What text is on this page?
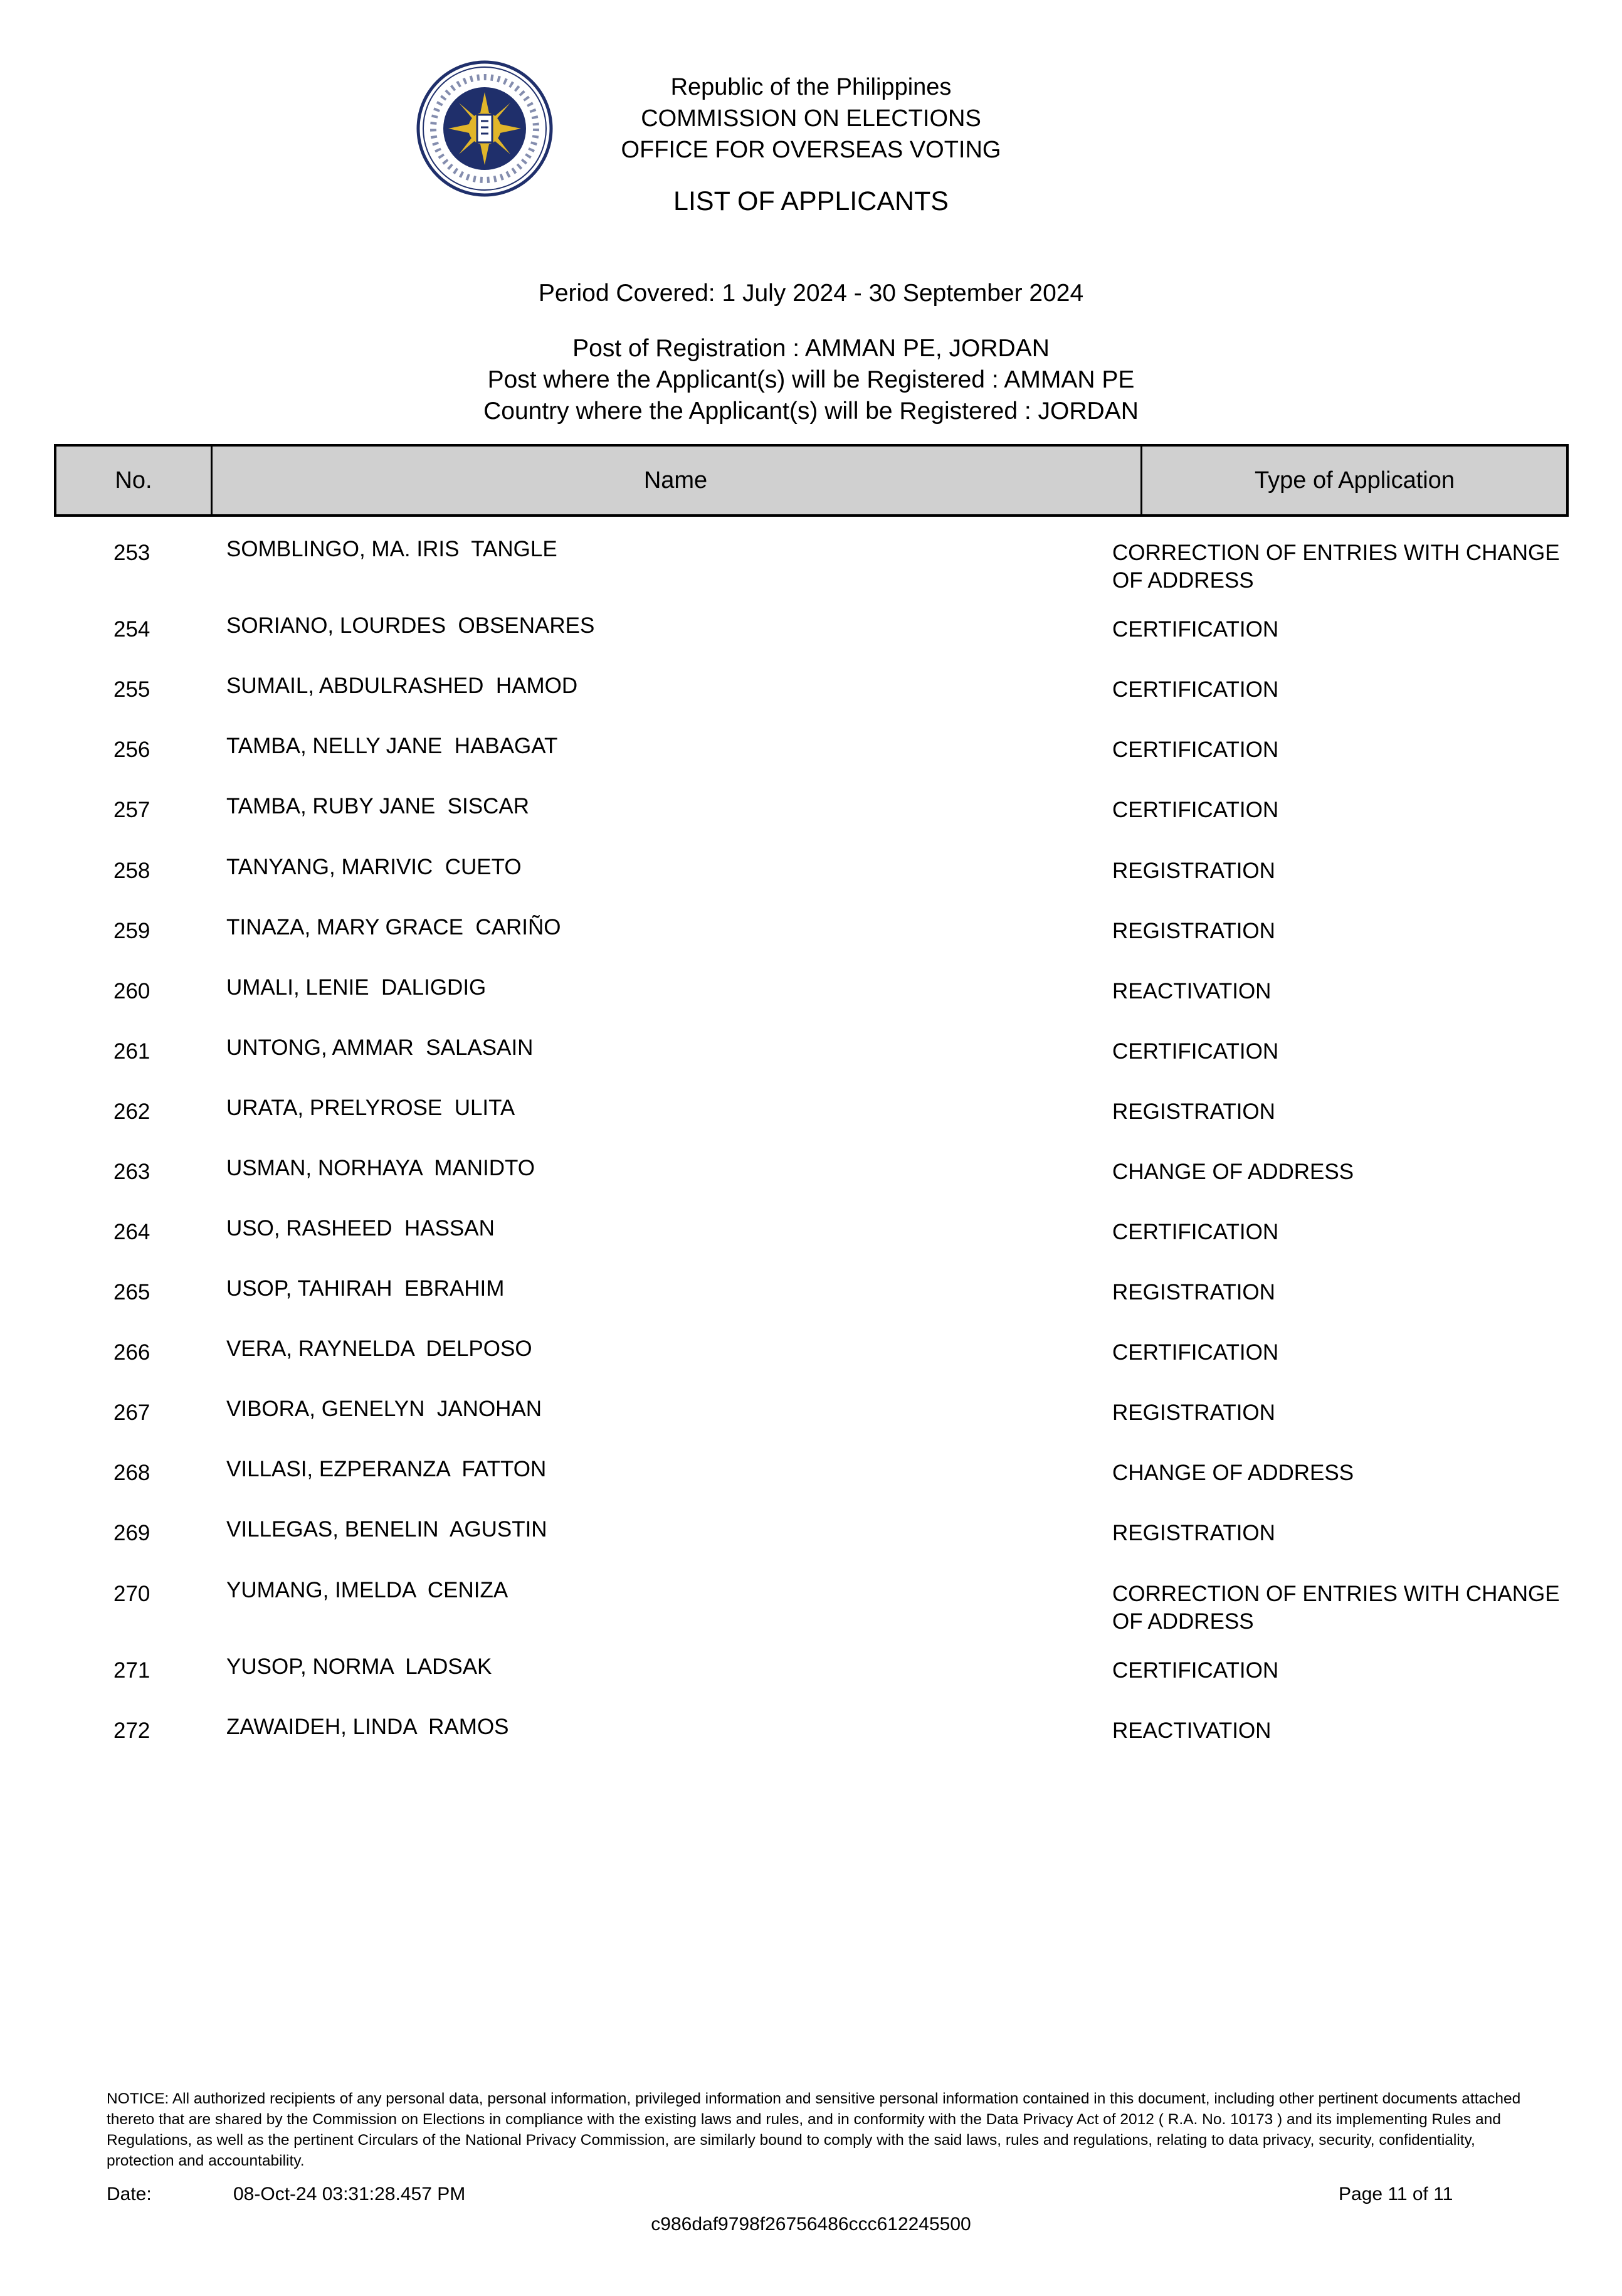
Republic of the Philippines
COMMISSION ON ELECTIONS
OFFICE FOR OVERSEAS VOTING
LIST OF APPLICANTS
Period Covered: 1 July 2024 - 30 September 2024
Post of Registration : AMMAN PE, JORDAN
Post where the Applicant(s) will be Registered : AMMAN PE
Country where the Applicant(s) will be Registered : JORDAN
No.	Name	Type of Application
253	SOMBLINGO, MA. IRIS  TANGLE	CORRECTION OF ENTRIES WITH CHANGE OF ADDRESS
254	SORIANO, LOURDES  OBSENARES	CERTIFICATION
255	SUMAIL, ABDULRASHED  HAMOD	CERTIFICATION
256	TAMBA, NELLY JANE  HABAGAT	CERTIFICATION
257	TAMBA, RUBY JANE  SISCAR	CERTIFICATION
258	TANYANG, MARIVIC  CUETO	REGISTRATION
259	TINAZA, MARY GRACE  CARIÑO	REGISTRATION
260	UMALI, LENIE  DALIGDIG	REACTIVATION
261	UNTONG, AMMAR  SALASAIN	CERTIFICATION
262	URATA, PRELYROSE  ULITA	REGISTRATION
263	USMAN, NORHAYA  MANIDTO	CHANGE OF ADDRESS
264	USO, RASHEED  HASSAN	CERTIFICATION
265	USOP, TAHIRAH  EBRAHIM	REGISTRATION
266	VERA, RAYNELDA  DELPOSO	CERTIFICATION
267	VIBORA, GENELYN  JANOHAN	REGISTRATION
268	VILLASI, EZPERANZA  FATTON	CHANGE OF ADDRESS
269	VILLEGAS, BENELIN  AGUSTIN	REGISTRATION
270	YUMANG, IMELDA  CENIZA	CORRECTION OF ENTRIES WITH CHANGE OF ADDRESS
271	YUSOP, NORMA  LADSAK	CERTIFICATION
272	ZAWAIDEH, LINDA  RAMOS	REACTIVATION
NOTICE: All authorized recipients of any personal data, personal information, privileged information and sensitive personal information contained in this document, including other pertinent documents attached thereto that are shared by the Commission on Elections in compliance with the existing laws and rules, and in conformity with the Data Privacy Act of 2012 ( R.A. No. 10173 ) and its implementing Rules and Regulations, as well as the pertinent Circulars of the National Privacy Commission, are similarly bound to comply with the said laws, rules and regulations, relating to data privacy, security, confidentiality, protection and accountability.
Date:	08-Oct-24 03:31:28.457 PM	Page 11 of 11
c986daf9798f26756486ccc612245500
